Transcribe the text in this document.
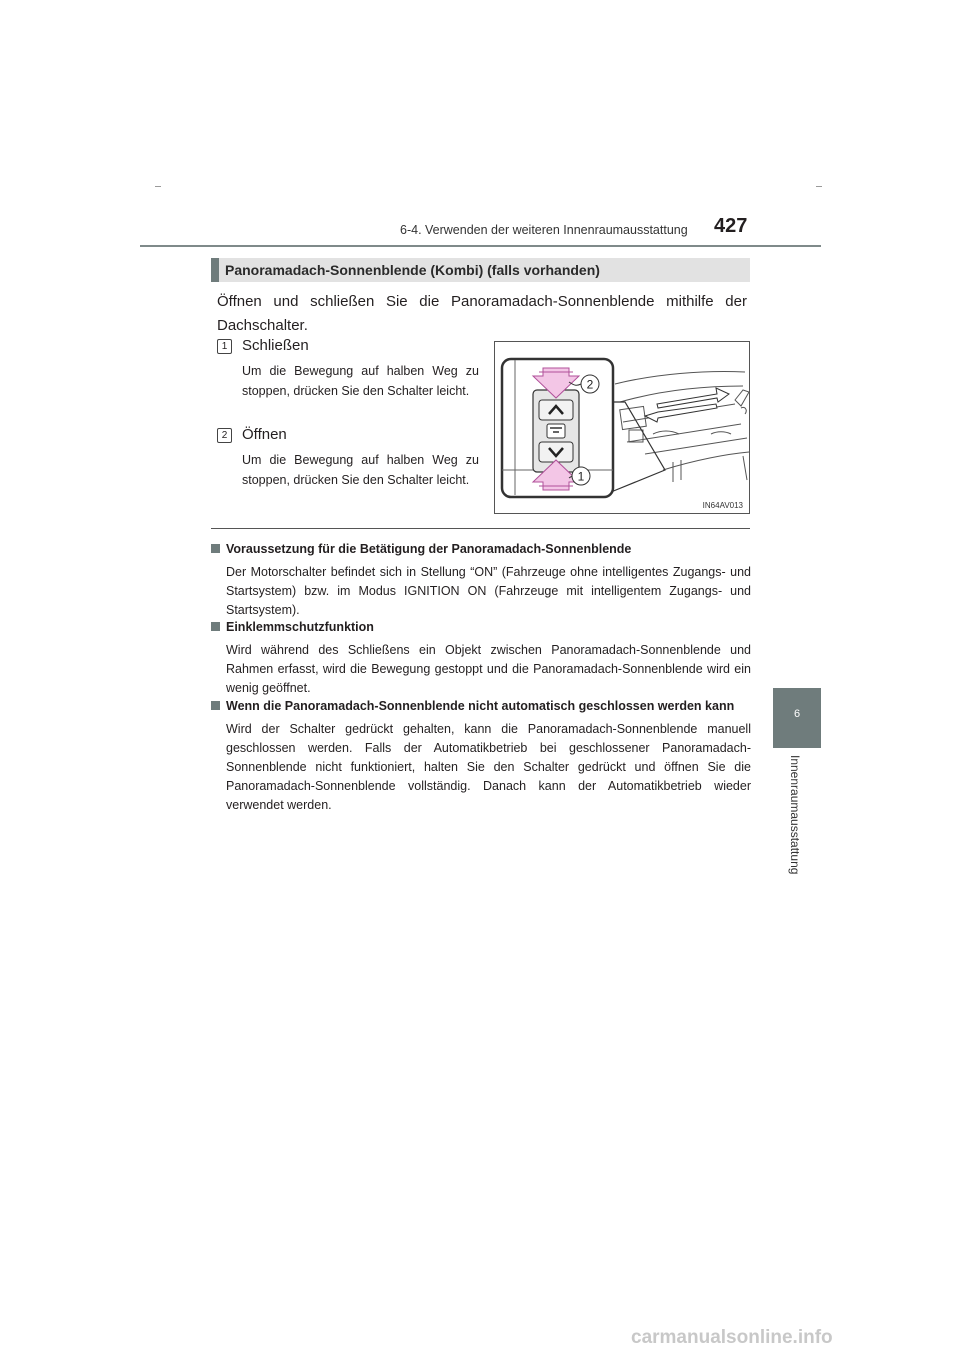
6-4. Verwenden der weiteren Innenraumausstattung 427
6
Innenraumausstattung
Panoramadach-Sonnenblende (Kombi) (falls vorhanden)
Öffnen und schließen Sie die Panoramadach-Sonnenblende mithilfe der Dachschalter.
1 Schließen
Um die Bewegung auf halben Weg zu stoppen, drücken Sie den Schalter leicht.
2 Öffnen
Um die Bewegung auf halben Weg zu stoppen, drücken Sie den Schalter leicht.
2
1
IN64AV013
Voraussetzung für die Betätigung der Panoramadach-Sonnenblende
Der Motorschalter befindet sich in Stellung “ON” (Fahrzeuge ohne intelligentes Zugangs- und Startsystem) bzw. im Modus IGNITION ON (Fahrzeuge mit intelligentem Zugangs- und Startsystem).
Einklemmschutzfunktion
Wird während des Schließens ein Objekt zwischen Panoramadach-Sonnenblende und Rahmen erfasst, wird die Bewegung gestoppt und die Panoramadach-Sonnenblende wird ein wenig geöffnet.
Wenn die Panoramadach-Sonnenblende nicht automatisch geschlossen werden kann
Wird der Schalter gedrückt gehalten, kann die Panoramadach-Sonnenblende manuell geschlossen werden. Falls der Automatikbetrieb bei geschlossener Panoramadach-Sonnenblende nicht funktioniert, halten Sie den Schalter gedrückt und öffnen Sie die Panoramadach-Sonnenblende vollständig. Danach kann der Automatikbetrieb wieder verwendet werden.
carmanualsonline.info
